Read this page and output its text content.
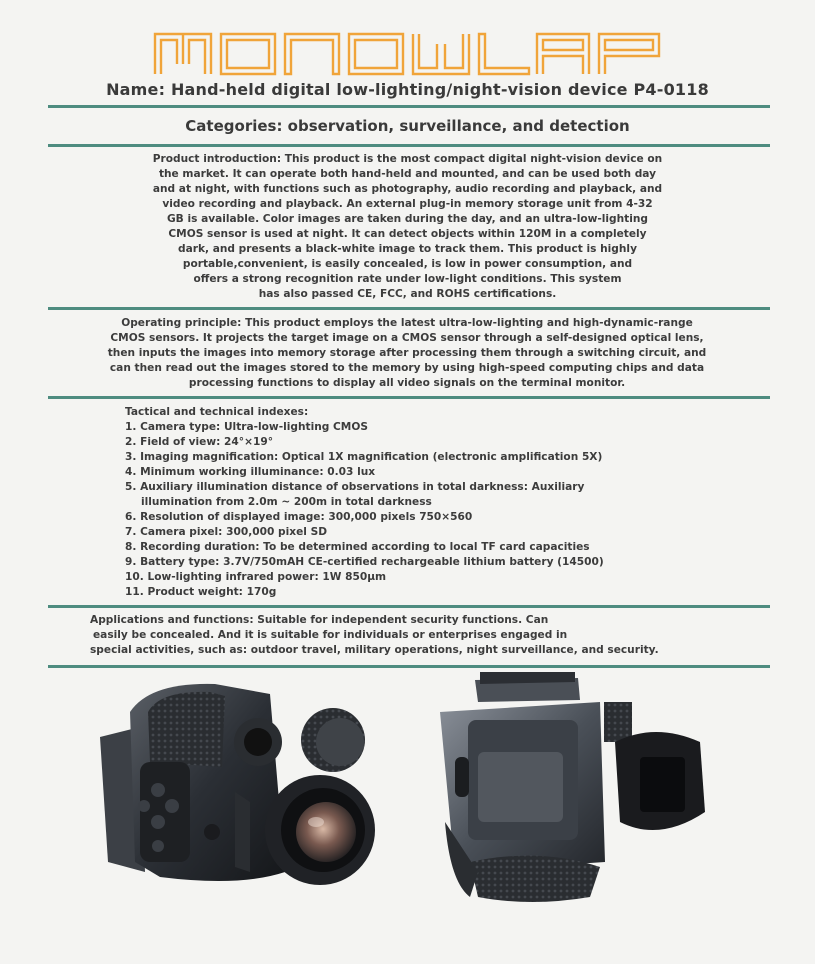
Name: Hand-held digital low-lighting/night-vision device P4-0118
Categories: observation, surveillance, and detection

Product introduction: This product is the most compact digital night-vision device on
the market. It can operate both hand-held and mounted, and can be used both day
and at night, with functions such as photography, audio recording and playback, and
video recording and playback. An external plug-in memory storage unit from 4-32
GB is available. Color images are taken during the day, and an ultra-low-lighting
CMOS sensor is used at night. It can detect objects within 120M in a completely
dark, and presents a black-white image to track them. This product is highly
portable,convenient, is easily concealed, is low in power consumption, and
offers a strong recognition rate under low-light conditions. This system
has also passed CE, FCC, and ROHS certifications.

Operating principle: This product employs the latest ultra-low-lighting and high-dynamic-range
CMOS sensors. It projects the target image on a CMOS sensor through a self-designed optical lens,
then inputs the images into memory storage after processing them through a switching circuit, and
can then read out the images stored to the memory by using high-speed computing chips and data
processing functions to display all video signals on the terminal monitor.

Tactical and technical indexes:
1. Camera type: Ultra-low-lighting CMOS
2. Field of view: 24°×19°
3. Imaging magnification: Optical 1X magnification (electronic amplification 5X)
4. Minimum working illuminance: 0.03 lux
5. Auxiliary illumination distance of observations in total darkness: Auxiliary
illumination from 2.0m ~ 200m in total darkness
6. Resolution of displayed image: 300,000 pixels 750×560
7. Camera pixel: 300,000 pixel SD
8. Recording duration: To be determined according to local TF card capacities
9. Battery type: 3.7V/750mAH CE-certified rechargeable lithium battery (14500)
10. Low-lighting infrared power: 1W 850μm
11. Product weight: 170g

Applications and functions: Suitable for independent security functions. Can
easily be concealed. And it is suitable for individuals or enterprises engaged in
special activities, such as: outdoor travel, military operations, night surveillance, and security.
